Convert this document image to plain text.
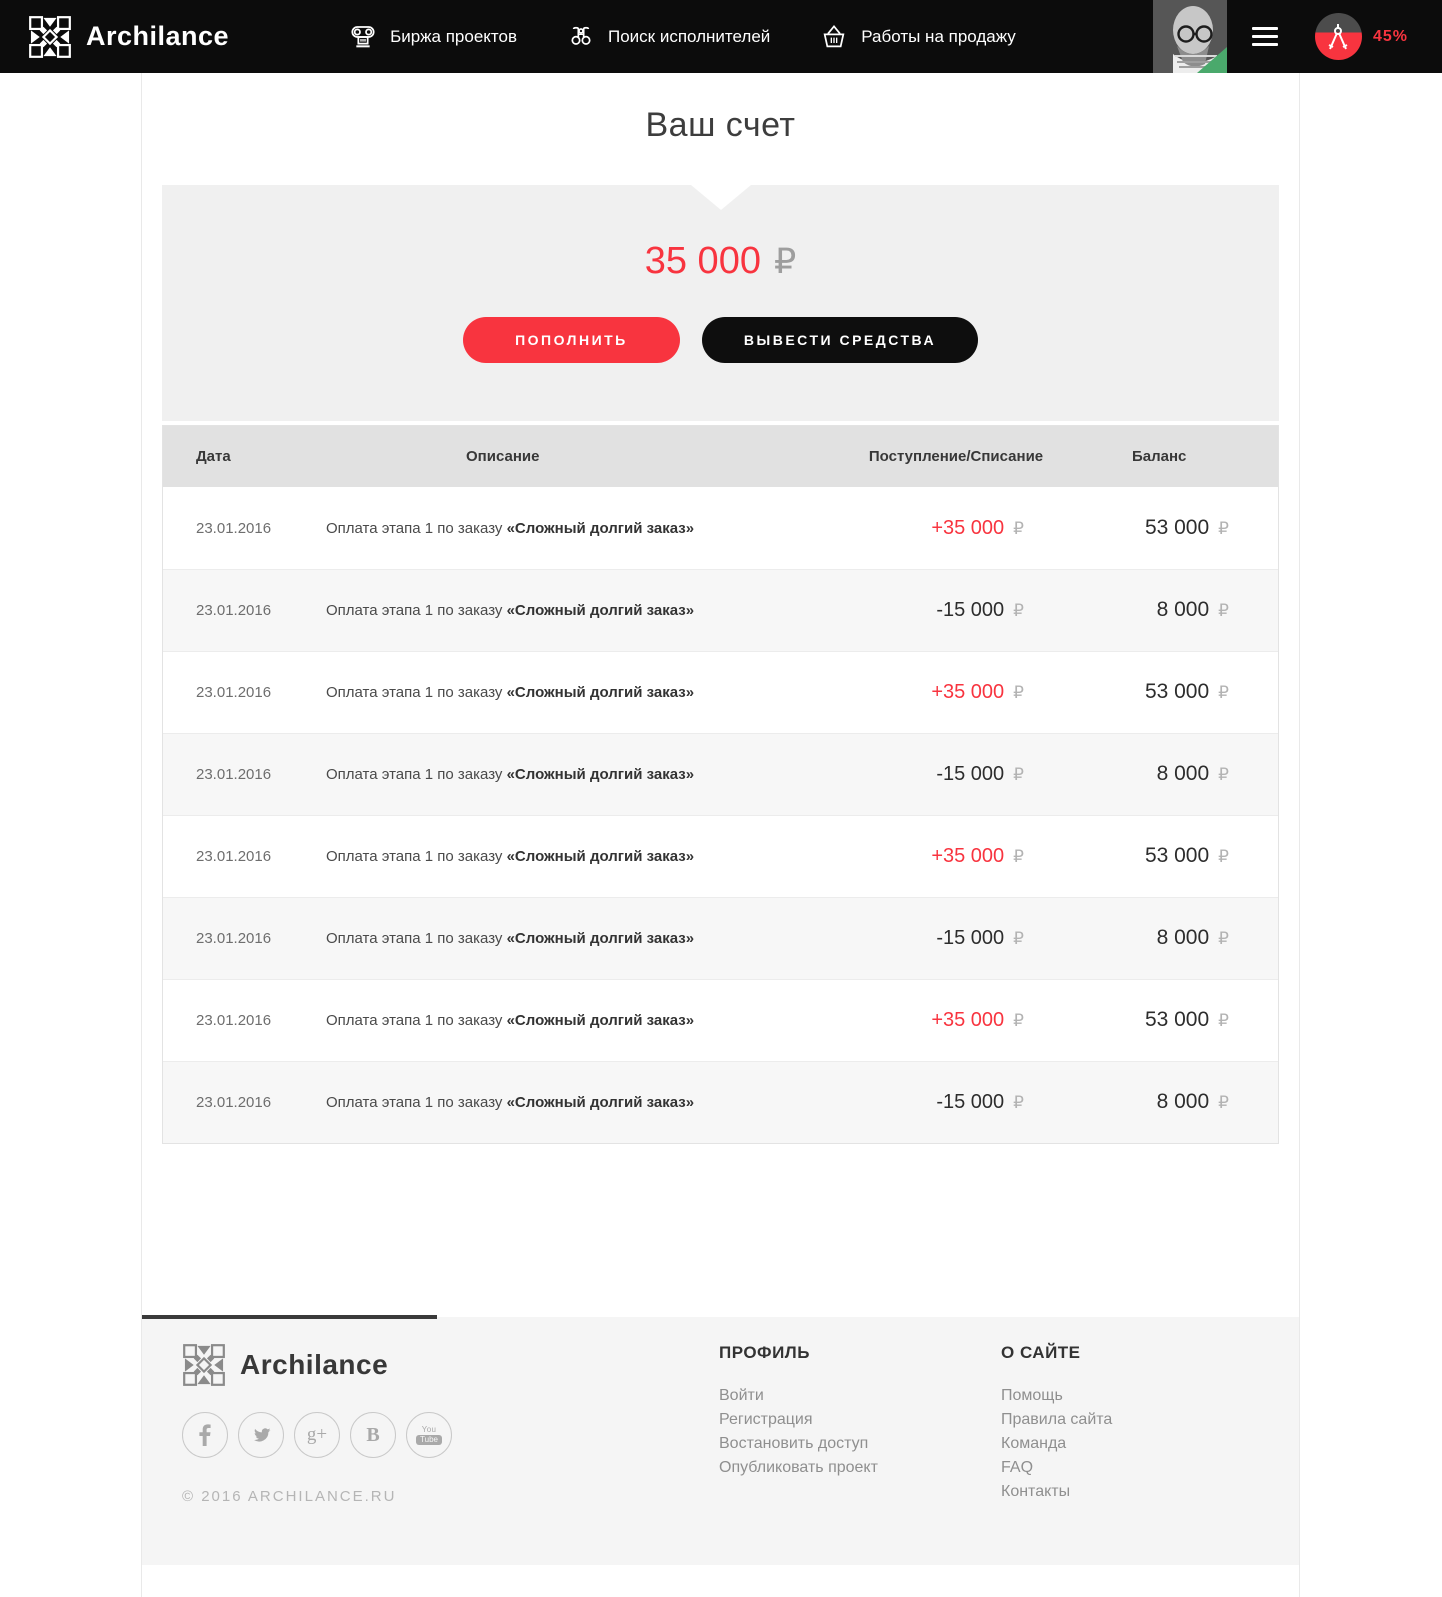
Archilance	Биржа проектов	Поиск исполнителей	Работы на продажу	45%
Ваш счет
35 000 ₽
ПОПОЛНИТЬ	ВЫВЕСТИ СРЕДСТВА
Дата	Описание	Поступление/Списание	Баланс
23.01.2016	Оплата этапа 1 по заказу «Сложный долгий заказ»	+35 000 ₽	53 000 ₽
23.01.2016	Оплата этапа 1 по заказу «Сложный долгий заказ»	-15 000 ₽	8 000 ₽
23.01.2016	Оплата этапа 1 по заказу «Сложный долгий заказ»	+35 000 ₽	53 000 ₽
23.01.2016	Оплата этапа 1 по заказу «Сложный долгий заказ»	-15 000 ₽	8 000 ₽
23.01.2016	Оплата этапа 1 по заказу «Сложный долгий заказ»	+35 000 ₽	53 000 ₽
23.01.2016	Оплата этапа 1 по заказу «Сложный долгий заказ»	-15 000 ₽	8 000 ₽
23.01.2016	Оплата этапа 1 по заказу «Сложный долгий заказ»	+35 000 ₽	53 000 ₽
23.01.2016	Оплата этапа 1 по заказу «Сложный долгий заказ»	-15 000 ₽	8 000 ₽
Archilance
g+ B	You
Tube
© 2016 ARCHILANCE.RU
ПРОФИЛЬ
Войти
Регистрация
Востановить доступ
Опубликовать проект
О САЙТЕ
Помощь
Правила сайта
Команда
FAQ
Контакты
